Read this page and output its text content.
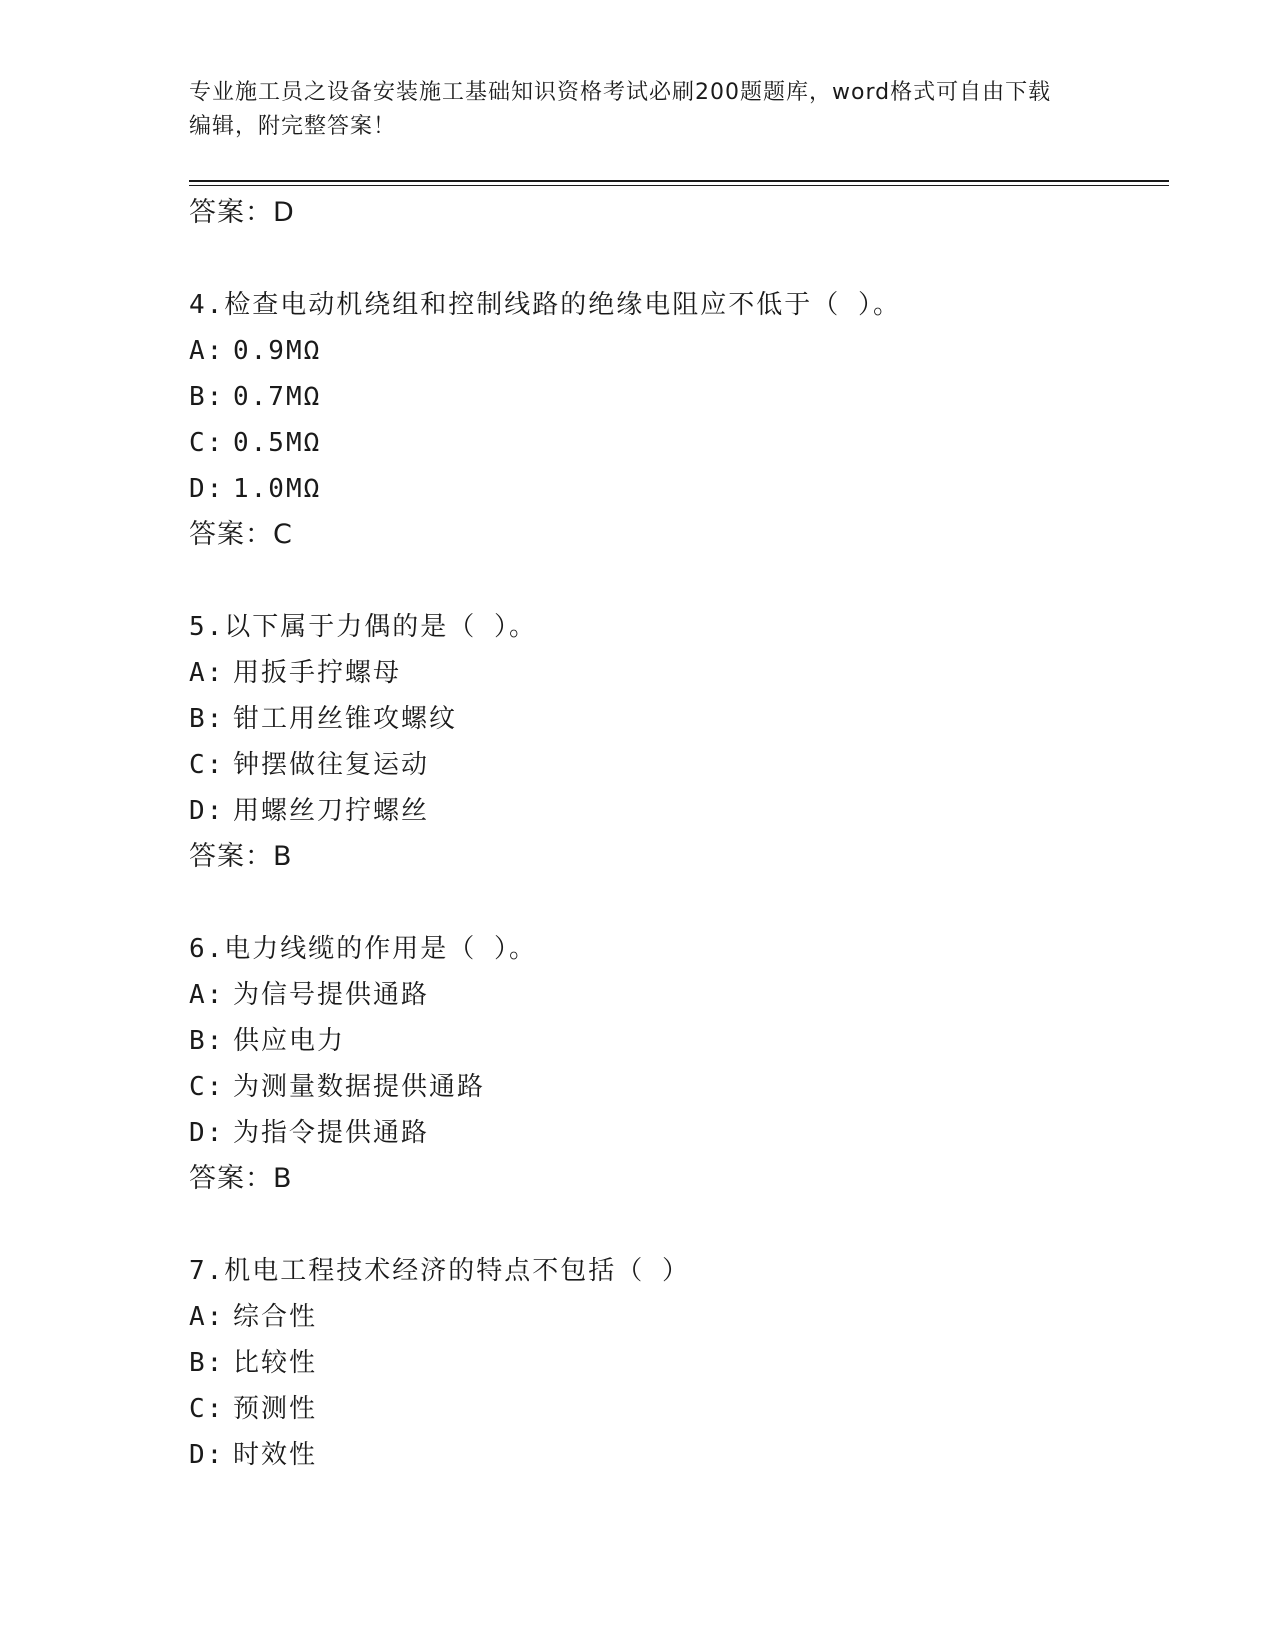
专业施工员之设备安装施工基础知识资格考试必刷200题题库，word格式可自由下载编辑，附完整答案！
答案：D
4.检查电动机绕组和控制线路的绝缘电阻应不低于（ ）。
A: 0.9MΩ
B: 0.7MΩ
C: 0.5MΩ
D: 1.0MΩ
答案：C
5.以下属于力偶的是（ ）。
A: 用扳手拧螺母
B: 钳工用丝锥攻螺纹
C: 钟摆做往复运动
D: 用螺丝刀拧螺丝
答案：B
6.电力线缆的作用是（ ）。
A: 为信号提供通路
B: 供应电力
C: 为测量数据提供通路
D: 为指令提供通路
答案：B
7.机电工程技术经济的特点不包括（ ）
A: 综合性
B: 比较性
C: 预测性
D: 时效性
